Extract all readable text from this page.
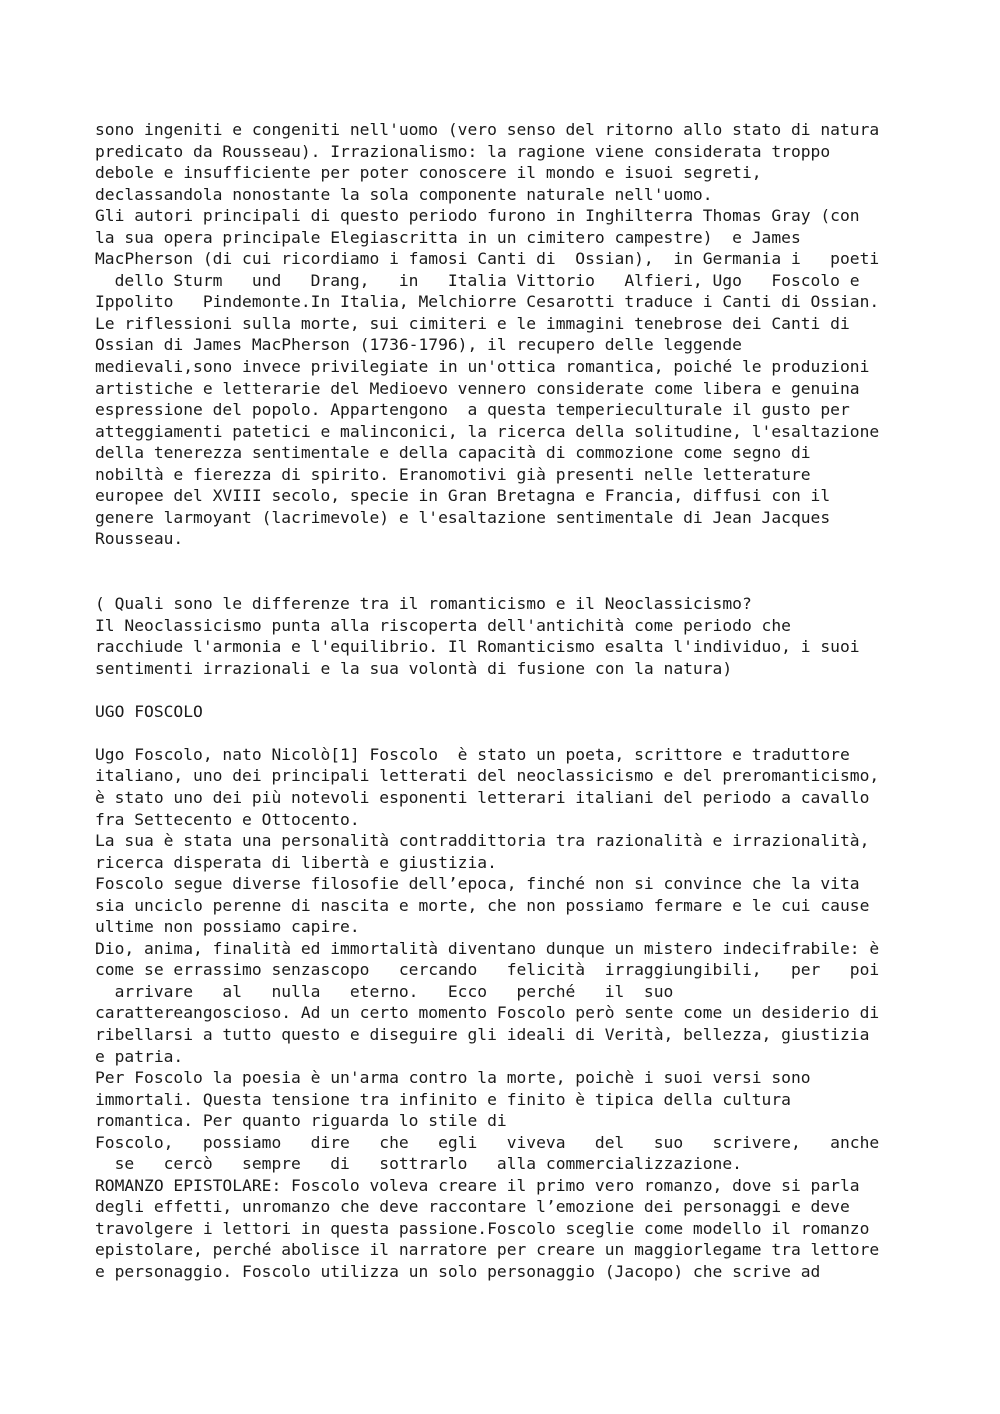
sono ingeniti e congeniti nell'uomo (vero senso del ritorno allo stato di natura
predicato da Rousseau). Irrazionalismo: la ragione viene considerata troppo
debole e insufficiente per poter conoscere il mondo e isuoi segreti,
declassandola nonostante la sola componente naturale nell'uomo.
Gli autori principali di questo periodo furono in Inghilterra Thomas Gray (con
la sua opera principale Elegiascritta in un cimitero campestre)  e James
MacPherson (di cui ricordiamo i famosi Canti di  Ossian),  in Germania i   poeti
dello Sturm   und   Drang,   in   Italia Vittorio   Alfieri, Ugo   Foscolo e
Ippolito   Pindemonte.In Italia, Melchiorre Cesarotti traduce i Canti di Ossian.
Le riflessioni sulla morte, sui cimiteri e le immagini tenebrose dei Canti di
Ossian di James MacPherson (1736-1796), il recupero delle leggende
medievali,sono invece privilegiate in un'ottica romantica, poiché le produzioni
artistiche e letterarie del Medioevo vennero considerate come libera e genuina
espressione del popolo. Appartengono  a questa temperieculturale il gusto per
atteggiamenti patetici e malinconici, la ricerca della solitudine, l'esaltazione
della tenerezza sentimentale e della capacità di commozione come segno di
nobiltà e fierezza di spirito. Eranomotivi già presenti nelle letterature
europee del XVIII secolo, specie in Gran Bretagna e Francia, diffusi con il
genere larmoyant (lacrimevole) e l'esaltazione sentimentale di Jean Jacques
Rousseau.
( Quali sono le differenze tra il romanticismo e il Neoclassicismo?
Il Neoclassicismo punta alla riscoperta dell'antichità come periodo che
racchiude l'armonia e l'equilibrio. Il Romanticismo esalta l'individuo, i suoi
sentimenti irrazionali e la sua volontà di fusione con la natura)
UGO FOSCOLO
Ugo Foscolo, nato Nicolò[1] Foscolo  è stato un poeta, scrittore e traduttore
italiano, uno dei principali letterati del neoclassicismo e del preromanticismo,
è stato uno dei più notevoli esponenti letterari italiani del periodo a cavallo
fra Settecento e Ottocento.
La sua è stata una personalità contraddittoria tra razionalità e irrazionalità,
ricerca disperata di libertà e giustizia.
Foscolo segue diverse filosofie dell’epoca, finché non si convince che la vita
sia unciclo perenne di nascita e morte, che non possiamo fermare e le cui cause
ultime non possiamo capire.
Dio, anima, finalità ed immortalità diventano dunque un mistero indecifrabile: è
come se errassimo senzascopo   cercando   felicità  irraggiungibili,   per   poi
arrivare   al   nulla   eterno.   Ecco   perché   il  suo
carattereangoscioso. Ad un certo momento Foscolo però sente come un desiderio di
ribellarsi a tutto questo e diseguire gli ideali di Verità, bellezza, giustizia
e patria.
Per Foscolo la poesia è un'arma contro la morte, poichè i suoi versi sono
immortali. Questa tensione tra infinito e finito è tipica della cultura
romantica. Per quanto riguarda lo stile di
Foscolo,   possiamo   dire   che   egli   viveva   del   suo   scrivere,   anche
se   cercò   sempre   di   sottrarlo   alla commercializzazione.
ROMANZO EPISTOLARE: Foscolo voleva creare il primo vero romanzo, dove si parla
degli effetti, unromanzo che deve raccontare l’emozione dei personaggi e deve
travolgere i lettori in questa passione.Foscolo sceglie come modello il romanzo
epistolare, perché abolisce il narratore per creare un maggiorlegame tra lettore
e personaggio. Foscolo utilizza un solo personaggio (Jacopo) che scrive ad
